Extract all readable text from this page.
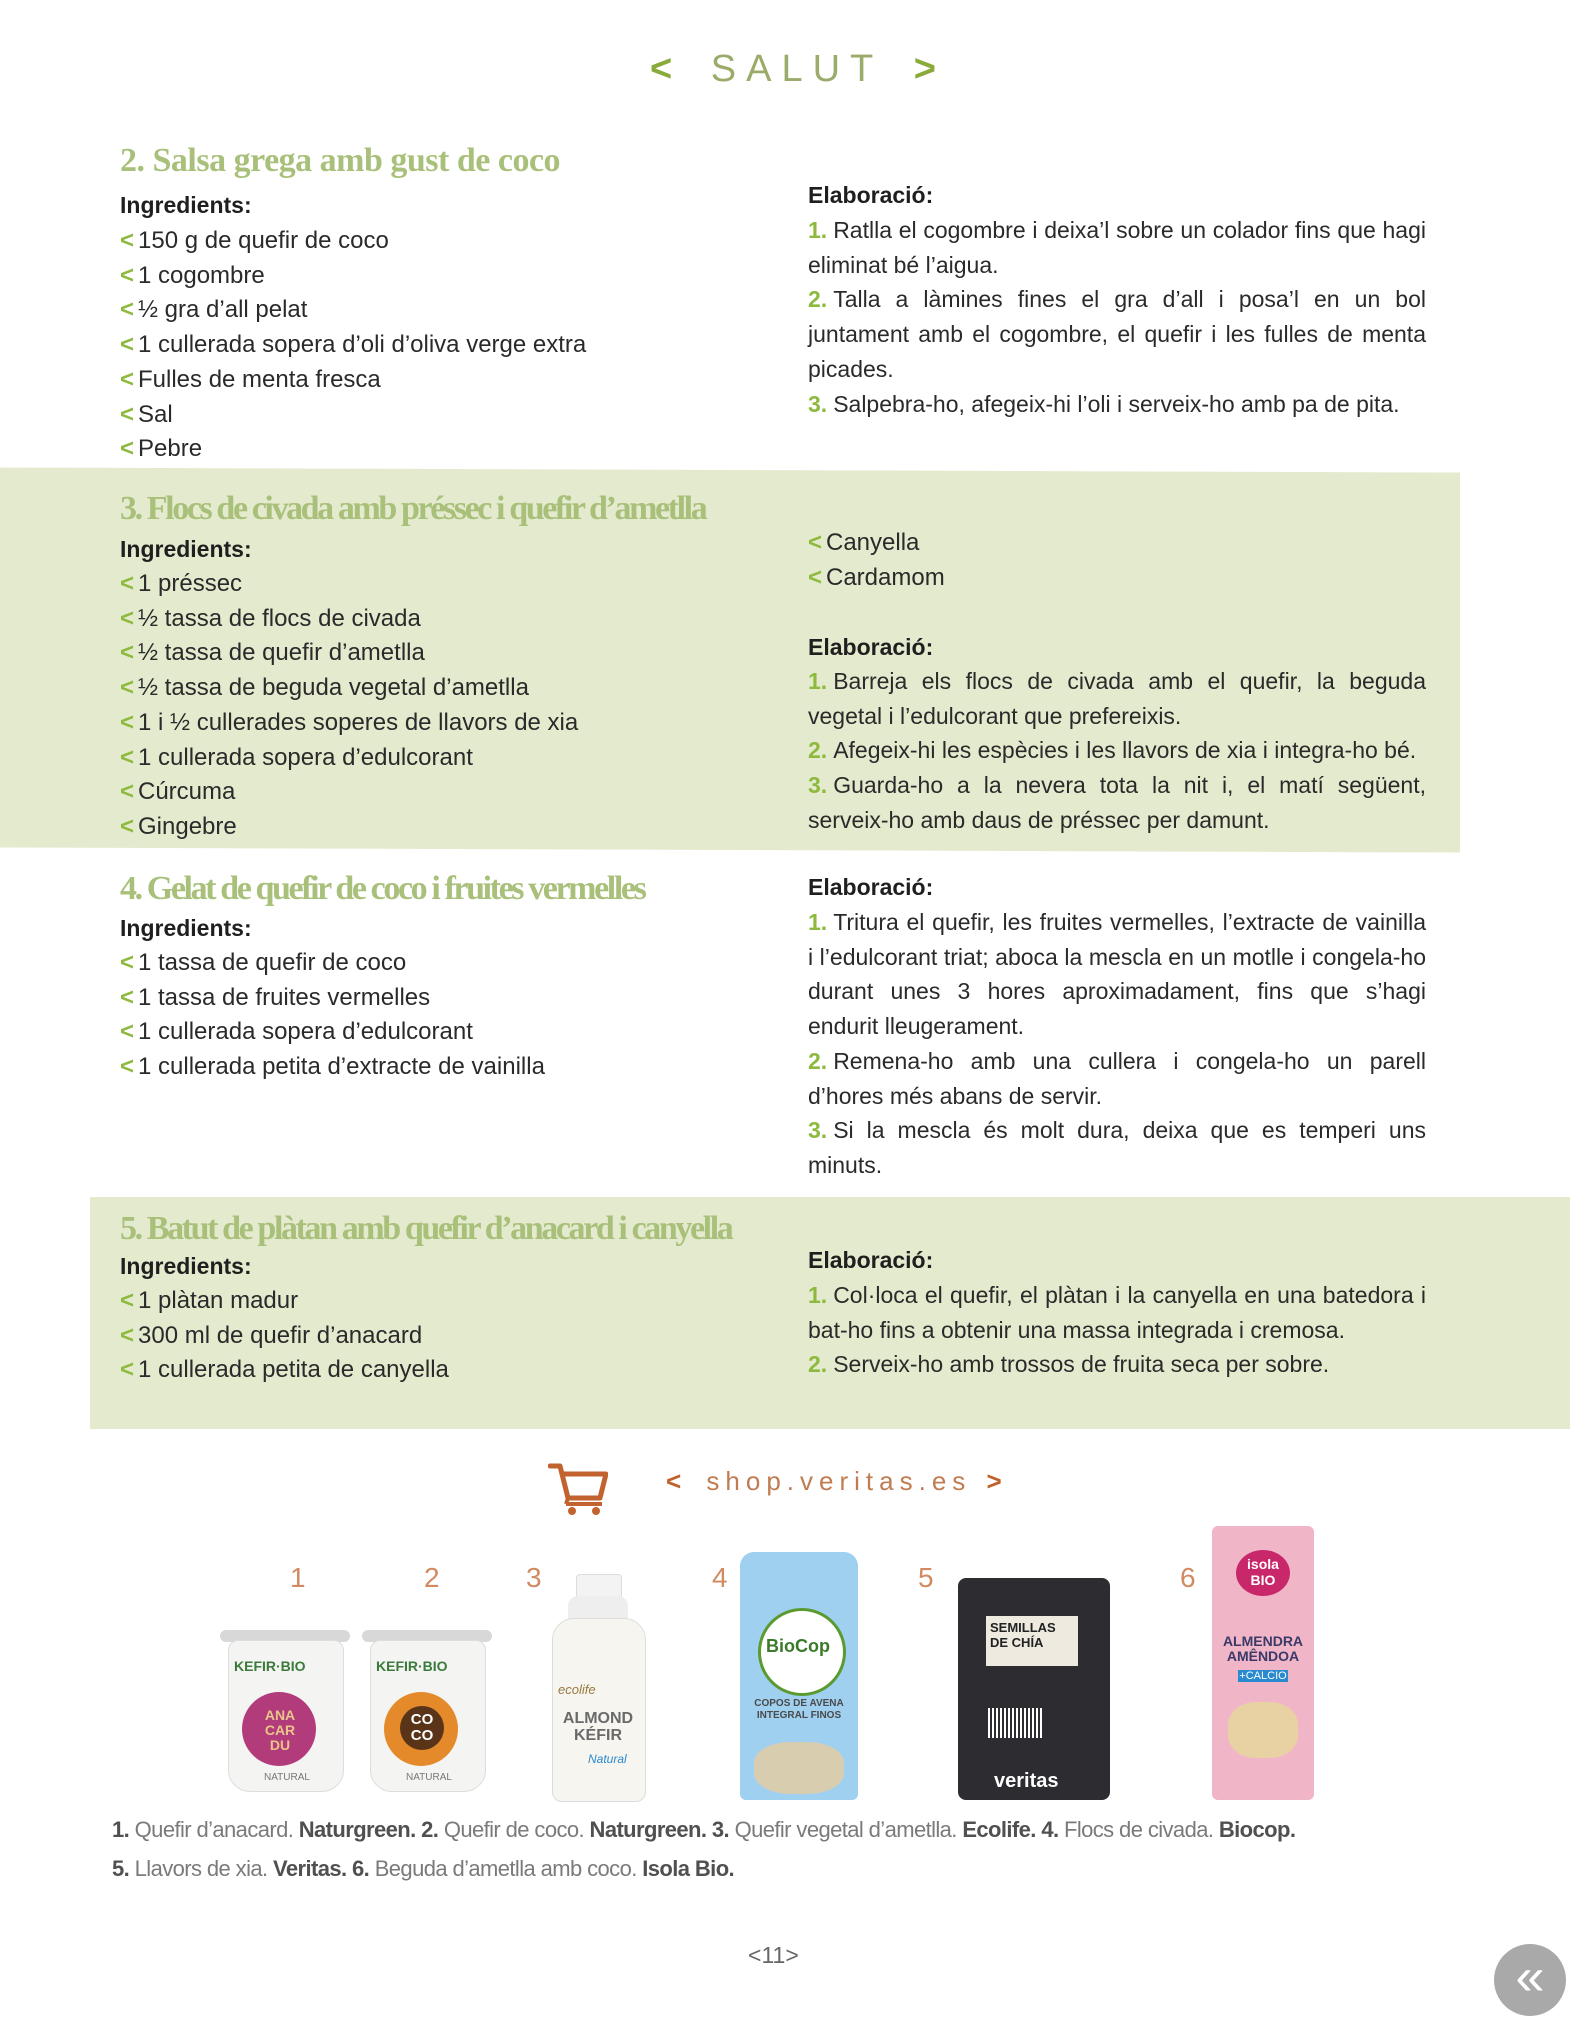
< SALUT >
2. Salsa grega amb gust de coco
Ingredients:
< 150 g de quefir de coco
< 1 cogombre
< ½ gra d’all pelat
< 1 cullerada sopera d’oli d’oliva verge extra
< Fulles de menta fresca
< Sal
< Pebre
Elaboració:
1. Ratlla el cogombre i deixa’l sobre un colador fins que hagi eliminat bé l’aigua.
2. Talla a làmines fines el gra d’all i posa’l en un bol juntament amb el cogombre, el quefir i les fulles de menta picades.
3. Salpebra-ho, afegeix-hi l’oli i serveix-ho amb pa de pita.
3. Flocs de civada amb préssec i quefir d’ametlla
Ingredients:
< 1 préssec
< ½ tassa de flocs de civada
< ½ tassa de quefir d’ametlla
< ½ tassa de beguda vegetal d’ametlla
< 1 i ½ cullerades soperes de llavors de xia
< 1 cullerada sopera d’edulcorant
< Cúrcuma
< Gingebre
< Canyella
< Cardamom
Elaboració:
1. Barreja els flocs de civada amb el quefir, la beguda vegetal i l’edulcorant que prefereixis.
2. Afegeix-hi les espècies i les llavors de xia i integra-ho bé.
3. Guarda-ho a la nevera tota la nit i, el matí següent, serveix-ho amb daus de préssec per damunt.
4. Gelat de quefir de coco i fruites vermelles
Ingredients:
< 1 tassa de quefir de coco
< 1 tassa de fruites vermelles
< 1 cullerada sopera d’edulcorant
< 1 cullerada petita d’extracte de vainilla
Elaboració:
1. Tritura el quefir, les fruites vermelles, l’extracte de vainilla i l’edulcorant triat; aboca la mescla en un motlle i congela-ho durant unes 3 hores aproximadament, fins que s’hagi endurit lleugerament.
2. Remena-ho amb una cullera i congela-ho un parell d’hores més abans de servir.
3. Si la mescla és molt dura, deixa que es temperi uns minuts.
5. Batut de plàtan amb quefir d’anacard i canyella
Ingredients:
< 1 plàtan madur
< 300 ml de quefir d’anacard
< 1 cullerada petita de canyella
Elaboració:
1. Col·loca el quefir, el plàtan i la canyella en una batedora i bat-ho fins a obtenir una massa integrada i cremosa.
2. Serveix-ho amb trossos de fruita seca per sobre.
< shop.veritas.es >
1	2	3	4	5	6
KEFIR·BIO
ANA CAR DU
NATURAL
KEFIR·BIO
CO CO
NATURAL
ecolife
ALMOND KÉFIR
Natural
BioCop
COPOS DE AVENA INTEGRAL FINOS
SEMILLAS DE CHÍA
veritas
isola BIO
ALMENDRA AMÊNDOA
+CALCIO
1. Quefir d’anacard. Naturgreen. 2. Quefir de coco. Naturgreen. 3. Quefir vegetal d’ametlla. Ecolife. 4. Flocs de civada. Biocop.
5. Llavors de xia. Veritas. 6. Beguda d’ametlla amb coco. Isola Bio.
<11>	«
